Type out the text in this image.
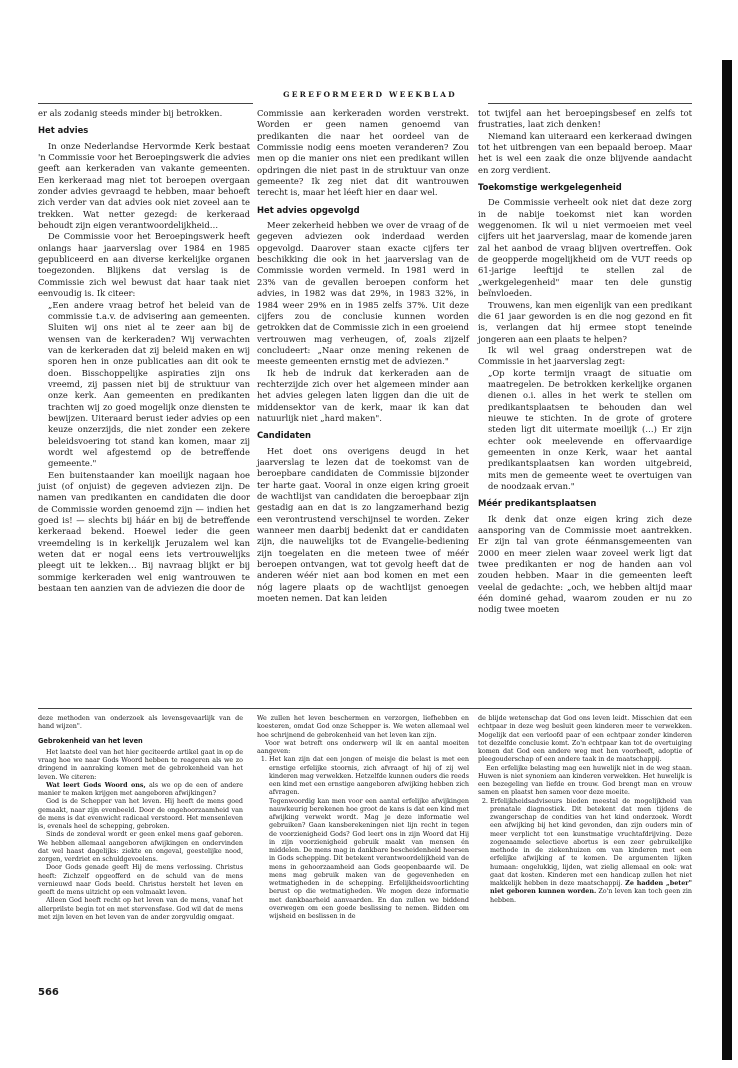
GEREFORMEERD WEEKBLAD

er als zodanig steeds minder bij betrokken.

Het advies

In onze Nederlandse Hervormde Kerk bestaat 'n Commissie voor het Beroepingswerk die advies geeft aan kerkeraden van vakante gemeenten. Een kerkeraad mag niet tot beroepen overgaan zonder advies gevraagd te hebben, maar behoeft zich verder van dat advies ook niet zoveel aan te trekken. Wat netter gezegd: de kerkeraad behoudt zijn eigen verantwoordelijkheid…

De Commissie voor het Beroepingswerk heeft onlangs haar jaarverslag over 1984 en 1985 gepubliceerd en aan diverse kerkelijke organen toegezonden. Blijkens dat verslag is de Commissie zich wel bewust dat haar taak niet eenvoudig is. Ik citeer:

„Een andere vraag betrof het beleid van de commissie t.a.v. de advisering aan gemeenten. Sluiten wij ons niet al te zeer aan bij de wensen van de kerkeraden? Wij verwachten van de kerkeraden dat zij beleid maken en wij sporen hen in onze publicaties aan dit ook te doen. Bisschoppelijke aspiraties zijn ons vreemd, zij passen niet bij de struktuur van onze kerk. Aan gemeenten en predikanten trachten wij zo goed mogelijk onze diensten te bewijzen. Uiteraard berust ieder advies op een keuze onzerzijds, die niet zonder een zekere beleidsvoering tot stand kan komen, maar zij wordt wel afgestemd op de betreffende gemeente."

Een buitenstaander kan moeilijk nagaan hoe juist (of onjuist) de gegeven adviezen zijn. De namen van predikanten en candidaten die door de Commissie worden genoemd zijn — indien het goed is! — slechts bij háár en bij de betreffende kerkeraad bekend. Hoewel ieder die geen vreemdeling is in kerkelijk Jeruzalem wel kan weten dat er nogal eens iets vertrouwelijks pleegt uit te lekken… Bij navraag blijkt er bij sommige kerkeraden wel enig wantrouwen te bestaan ten aanzien van de adviezen die door de

Commissie aan kerkeraden worden verstrekt. Worden er geen namen genoemd van predikanten die naar het oordeel van de Commissie nodig eens moeten veranderen? Zou men op die manier ons niet een predikant willen opdringen die niet past in de struktuur van onze gemeente? Ik zeg niet dat dit wantrouwen terecht is, maar het léeft hier en daar wel.

Het advies opgevolgd

Meer zekerheid hebben we over de vraag of de gegeven adviezen ook inderdaad werden opgevolgd. Daarover staan exacte cijfers ter beschikking die ook in het jaarverslag van de Commissie worden vermeld. In 1981 werd in 23% van de gevallen beroepen conform het advies, in 1982 was dat 29%, in 1983 32%, in 1984 weer 29% en in 1985 zelfs 37%. Uit deze cijfers zou de conclusie kunnen worden getrokken dat de Commissie zich in een groeiend vertrouwen mag verheugen, of, zoals zijzelf concludeert: „Naar onze mening rekenen de meeste gemeenten ernstig met de adviezen."

Ik heb de indruk dat kerkeraden aan de rechterzijde zich over het algemeen minder aan het advies gelegen laten liggen dan die uit de middensektor van de kerk, maar ik kan dat natuurlijk niet „hard maken".

Candidaten

Het doet ons overigens deugd in het jaarverslag te lezen dat de toekomst van de beroepbare candidaten de Commissie bijzonder ter harte gaat. Vooral in onze eigen kring groeit de wachtlijst van candidaten die beroepbaar zijn gestadig aan en dat is zo langzamerhand bezig een verontrustend verschijnsel te worden. Zeker wanneer men daarbij bedenkt dat er candidaten zijn, die nauwelijks tot de Evangelie-bediening zijn toegelaten en die meteen twee of méér beroepen ontvangen, wat tot gevolg heeft dat de anderen wéér niet aan bod komen en met een nóg lagere plaats op de wachtlijst genoegen moeten nemen. Dat kan leiden

tot twijfel aan het beroepingsbesef en zelfs tot frustraties, laat zich denken!

Niemand kan uiteraard een kerkeraad dwingen tot het uitbrengen van een bepaald beroep. Maar het is wel een zaak die onze blijvende aandacht en zorg verdient.

Toekomstige werkgelegenheid

De Commissie verheelt ook niet dat deze zorg in de nabije toekomst niet kan worden weggenomen. Ik wil u niet vermoeien met veel cijfers uit het jaarverslag, maar de komende jaren zal het aanbod de vraag blijven overtreffen. Ook de geopperde mogelijkheid om de VUT reeds op 61-jarige leeftijd te stellen zal de „werkgelegenheid" maar ten dele gunstig beïnvloeden.

Trouwens, kan men eigenlijk van een predikant die 61 jaar geworden is en die nog gezond en fit is, verlangen dat hij ermee stopt teneinde jongeren aan een plaats te helpen?

Ik wil wel graag onderstrepen wat de Commissie in het jaarverslag zegt:

„Op korte termijn vraagt de situatie om maatregelen. De betrokken kerkelijke organen dienen o.i. alles in het werk te stellen om predikantsplaatsen te behouden dan wel nieuwe te stichten. In de grote of grotere steden ligt dit uitermate moeilijk (…) Er zijn echter ook meelevende en offervaardige gemeenten in onze Kerk, waar het aantal predikantsplaatsen kan worden uitgebreid, mits men de gemeente weet te overtuigen van de noodzaak ervan."

Méér predikantsplaatsen

Ik denk dat onze eigen kring zich deze aansporing van de Commissie moet aantrekken. Er zijn tal van grote éénmansgemeenten van 2000 en meer zielen waar zoveel werk ligt dat twee predikanten er nog de handen aan vol zouden hebben. Maar in die gemeenten leeft veelal de gedachte: „och, we hebben altijd maar één dominé gehad, waarom zouden er nu zo nodig twee moeten

deze methoden van onderzoek als levensgevaarlijk van de hand wijzen".

Gebrokenheid van het leven

Het laatste deel van het hier geciteerde artikel gaat in op de vraag hoe we naar Gods Woord hebben te reageren als we zo dringend in aanraking komen met de gebrokenheid van het leven. We citeren:

Wat leert Gods Woord ons, als we op de een of andere manier te maken krijgen met aangeboren afwijkingen?

God is de Schepper van het leven. Hij heeft de mens goed gemaakt, naar zijn evenbeeld. Door de ongehoorzaamheid van de mens is dat evenwicht radicaal verstoord. Het mensenleven is, evenals heel de schepping, gebroken.

Sinds de zondeval wordt er geen enkel mens gaaf geboren. We hebben allemaal aangeboren afwijkingen en ondervinden dat wel haast dagelijks: ziekte en ongeval, geestelijke nood, zorgen, verdriet en schuldgevoelens.

Door Gods genade geeft Hij de mens verlossing. Christus heeft: Zichzelf opgeofferd en de schuld van de mens vernieuwd naar Gods beeld. Christus herstelt het leven en geeft de mens uitzicht op een volmaakt leven.

Alleen God heeft recht op het leven van de mens, vanaf het allerprilste begin tot en met stervensfase. God wil dat de mens met zijn leven en het leven van de ander zorgvuldig omgaat.

We zullen het leven beschermen en verzorgen, liefhebben en koesteren, omdat God onze Schepper is. We weten allemaal wel hoe schrijnend de gebrokenheid van het leven kan zijn.

Voor wat betreft ons onderwerp wil ik en aantal moeiten aangeven:

1. Het kan zijn dat een jongen of meisje die belast is met een ernstige erfelijke stoornis, zich afvraagt of hij of zij wel kinderen mag verwekken. Hetzelfde kunnen ouders die reeds een kind met een ernstige aangeboren afwijking hebben zich afvragen.
Tegenwoordig kan men voor een aantal erfelijke afwijkingen nauwkeurig berekenen hoe groot de kans is dat een kind met afwijking verwekt wordt. Mag je deze informatie wel gebruiken? Gaan kansberekeningen niet lijn recht in tegen de voorzienigheid Gods? God leert ons in zijn Woord dat Hij in zijn voorzienigheid gebruik maakt van mensen én middelen. De mens mag in dankbare bescheidenheid heersen in Gods schepping. Dit betekent verantwoordelijkheid van de mens in gehoorzaamheid aan Gods geopenbaarde wil. De mens mag gebruik maken van de gegevenheden en wetmatigheden in de schepping. Erfelijkheidsvoorlichting berust op die wetmatigheden. We mogen deze informatie met dankbaarheid aanvaarden. En dan zullen we biddend overwegen om een goede beslissing te nemen. Bidden om wijsheid en beslissen in de

de blijde wetenschap dat God ons leven leidt. Misschien dat een echtpaar in deze weg besluit geen kinderen meer te verwekken. Mogelijk dat een verloofd paar of een echtpaar zonder kinderen tot dezelfde conclusie komt. Zo'n echtpaar kan tot de overtuiging komen dat God een andere weg met hen voorheeft, adoptie of pleegouderschap of een andere taak in de maatschappij.

Een erfelijke belasting mag een huwelijk niet in de weg staan. Huwen is niet synoniem aan kinderen verwekken. Het huwelijk is een bezegeling van liefde en trouw. God brengt man en vrouw samen en plaatst hen samen voor deze moeite.

2. Erfelijkheidsadviseurs bieden meestal de mogelijkheid van prenatale diagnostiek. Dit betekent dat men tijdens de zwangerschap de condities van het kind onderzoek. Wordt een afwijking bij het kind gevonden, dan zijn ouders min of meer verplicht tot een kunstmatige vruchtafdrijving. Deze zogenaamde selectieve abortus is een zeer gebruikelijke methode in de ziekenhuizen om van kinderen met een erfelijke afwijking af te komen. De argumenten lijken humaan: ongelukkig, lijden, wat zielig allemaal en ook: wat gaat dat kosten. Kinderen met een handicap zullen het niet makkelijk hebben in deze maatschappij. Ze hadden „beter" niet geboren kunnen worden. Zo'n leven kan toch geen zin hebben.
566
